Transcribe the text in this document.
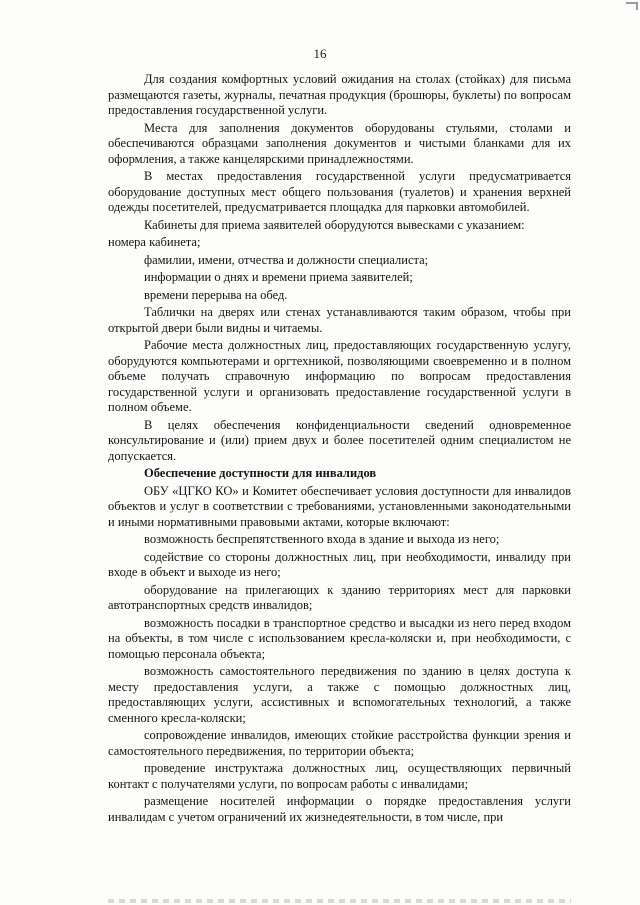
16

Для создания комфортных условий ожидания на столах (стойках) для письма размещаются газеты, журналы, печатная продукция (брошюры, буклеты) по вопросам предоставления государственной услуги.

Места для заполнения документов оборудованы стульями, столами и обеспечиваются образцами заполнения документов и чистыми бланками для их оформления, а также канцелярскими принадлежностями.

В местах предоставления государственной услуги предусматривается оборудование доступных мест общего пользования (туалетов) и хранения верхней одежды посетителей, предусматривается площадка для парковки автомобилей.

Кабинеты для приема заявителей оборудуются вывесками с указанием:

номера кабинета;

фамилии, имени, отчества и должности специалиста;

информации о днях и времени приема заявителей;

времени перерыва на обед.

Таблички на дверях или стенах устанавливаются таким образом, чтобы при открытой двери были видны и читаемы.

Рабочие места должностных лиц, предоставляющих государственную услугу, оборудуются компьютерами и оргтехникой, позволяющими своевременно и в полном объеме получать справочную информацию по вопросам предоставления государственной услуги и организовать предоставление государственной услуги в полном объеме.

В целях обеспечения конфиденциальности сведений одновременное консультирование и (или) прием двух и более посетителей одним специалистом не допускается.

Обеспечение доступности для инвалидов

ОБУ «ЦГКО КО» и Комитет обеспечивает условия доступности для инвалидов объектов и услуг в соответствии с требованиями, установленными законодательными и иными нормативными правовыми актами, которые включают:

возможность беспрепятственного входа в здание и выхода из него;

содействие со стороны должностных лиц, при необходимости, инвалиду при входе в объект и выходе из него;

оборудование на прилегающих к зданию территориях мест для парковки автотранспортных средств инвалидов;

возможность посадки в транспортное средство и высадки из него перед входом на объекты, в том числе с использованием кресла-коляски и, при необходимости, с помощью персонала объекта;

возможность самостоятельного передвижения по зданию в целях доступа к месту предоставления услуги, а также с помощью должностных лиц, предоставляющих услуги, ассистивных и вспомогательных технологий, а также сменного кресла-коляски;

сопровождение инвалидов, имеющих стойкие расстройства функции зрения и самостоятельного передвижения, по территории объекта;

проведение инструктажа должностных лиц, осуществляющих первичный контакт с получателями услуги, по вопросам работы с инвалидами;

размещение носителей информации о порядке предоставления услуги инвалидам с учетом ограничений их жизнедеятельности, в том числе, при
